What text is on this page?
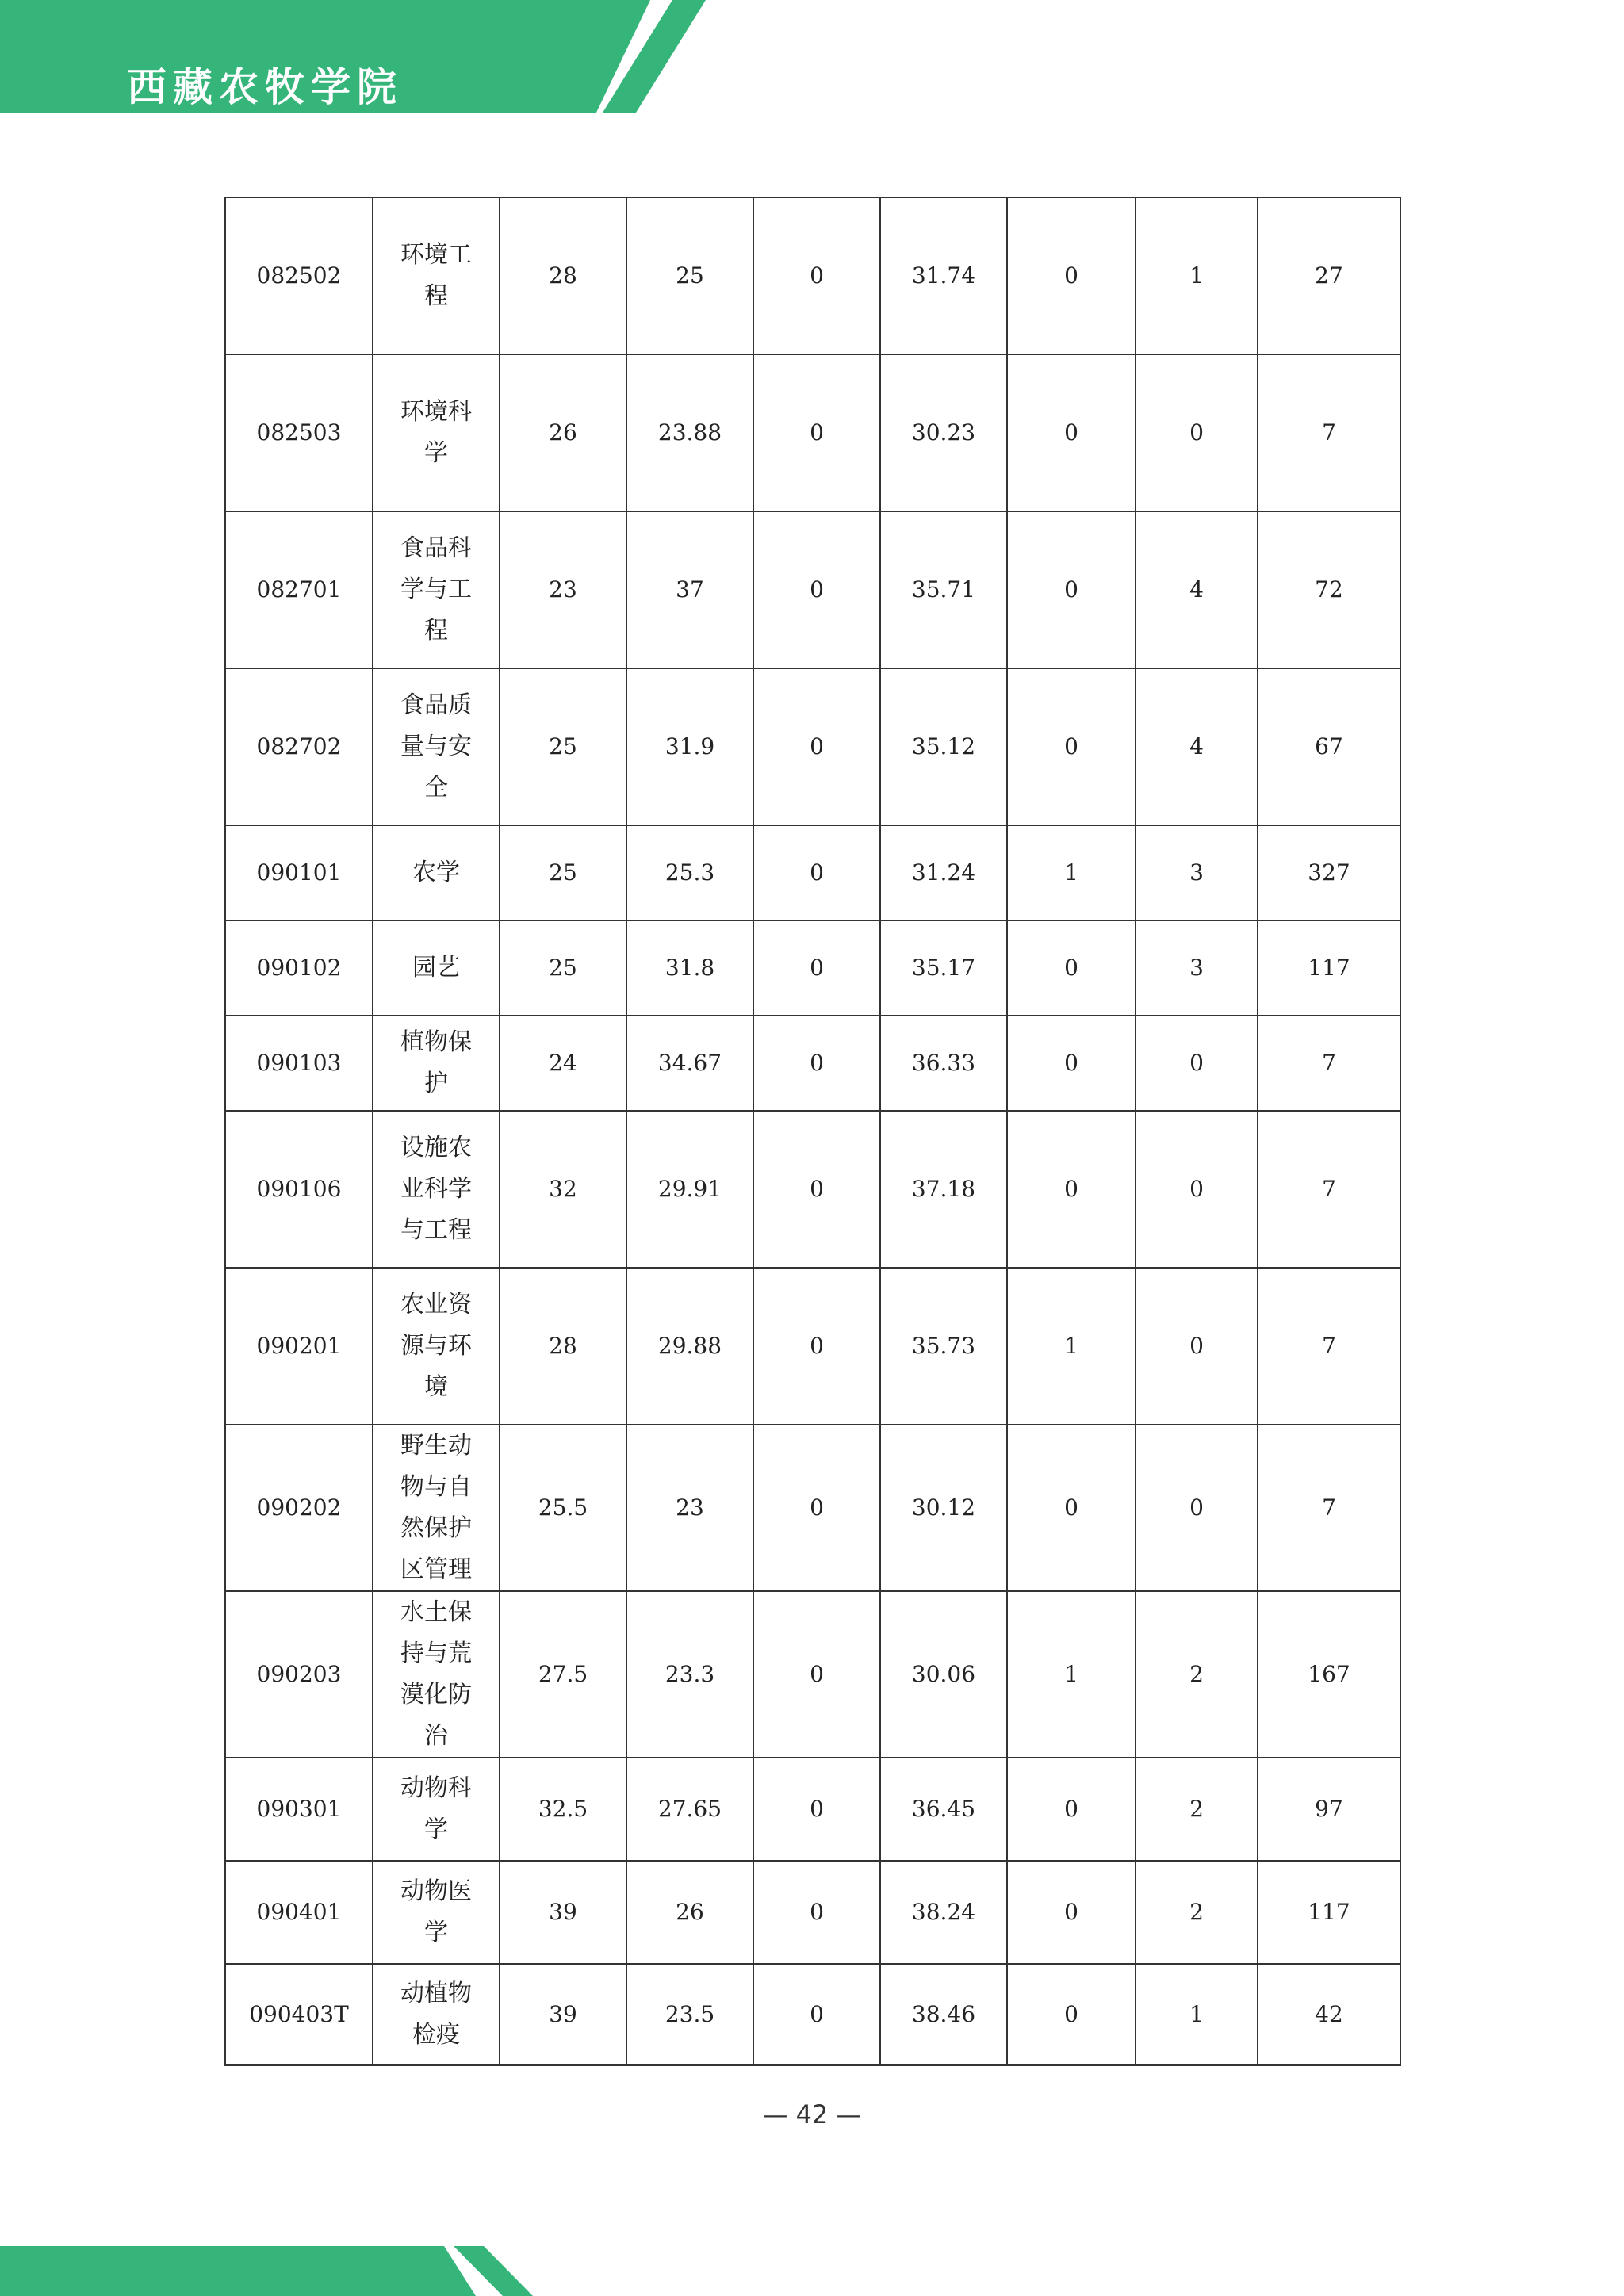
西藏农牧学院
082502	环境工程	28	25	0	31.74	0	1	27
082503	环境科学	26	23.88	0	30.23	0	0	7
082701	食品科学与工程	23	37	0	35.71	0	4	72
082702	食品质量与安全	25	31.9	0	35.12	0	4	67
090101	农学	25	25.3	0	31.24	1	3	327
090102	园艺	25	31.8	0	35.17	0	3	117
090103	植物保护	24	34.67	0	36.33	0	0	7
090106	设施农业科学与工程	32	29.91	0	37.18	0	0	7
090201	农业资源与环境	28	29.88	0	35.73	1	0	7
090202	野生动物与自然保护区管理	25.5	23	0	30.12	0	0	7
090203	水土保持与荒漠化防治	27.5	23.3	0	30.06	1	2	167
090301	动物科学	32.5	27.65	0	36.45	0	2	97
090401	动物医学	39	26	0	38.24	0	2	117
090403T	动植物检疫	39	23.5	0	38.46	0	1	42
— 42 —
